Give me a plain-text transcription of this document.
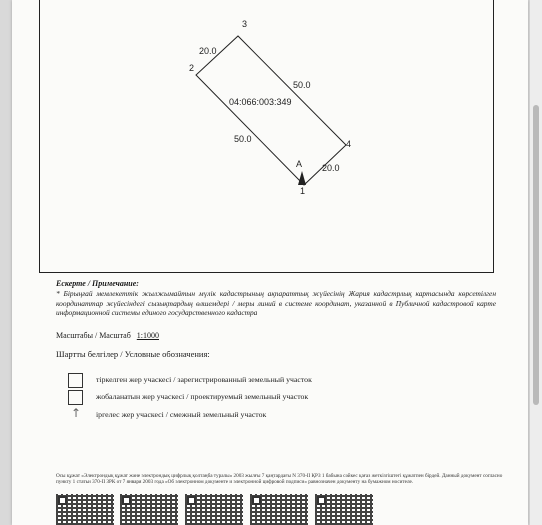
20.0
50.0
50.0
20.0
04:066:003:349
1
2
3
4
A
Ескерте / Примечание:
* Бірыңғай мемлекеттік жылжымайтын мүлік кадастрының ақпараттық жүйесінің Жария кадастрлық картасында көрсетілген координаттар жүйесіндегі сызықтардың өлшемдері / меры линий в системе координат, указанной в Публичной кадастровой карте информационной системы единого государственного кадастра
Масштабы / Масштаб 1:1000
Шартты белгілер / Условные обозначения:
тіркелген жер учаскесі / зарегистрированный земельный участок
жобаланатын жер учаскесі / проектируемый земельный участок
↑ іргелес жер учаскесі / смежный земельный участок
Осы құжат «Электрондық құжат және электрондық цифрлық қолтаңба туралы» 2003 жылғы 7 қаңтардағы N 370-II ҚРЗ 1 бабына сәйкес қағаз жеткізгіштегі құжатпен бірдей. Данный документ согласно пункту 1 статьи 370-II ЗРК от 7 января 2003 года «Об электронном документе и электронной цифровой подписи» равнозначен документу на бумажном носителе.
